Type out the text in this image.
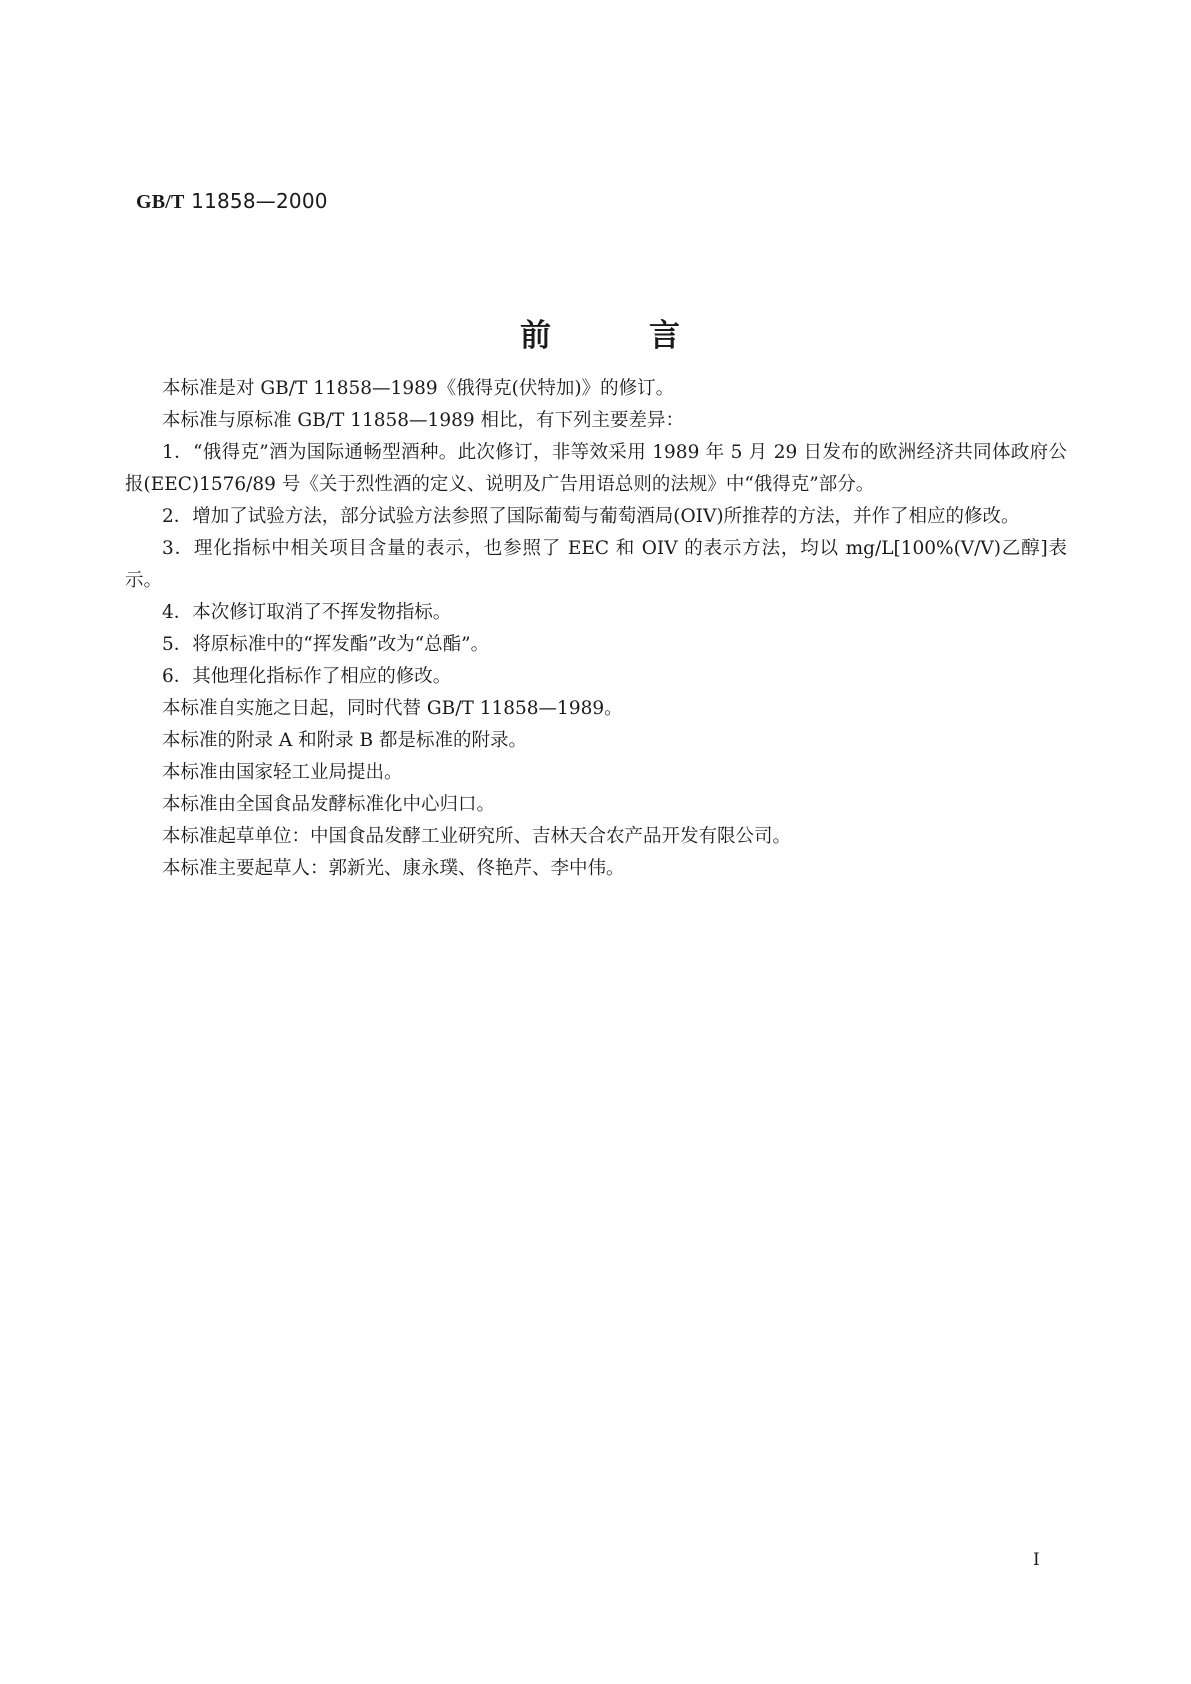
GB/T 11858—2000
前	言

本标准是对 GB/T 11858—1989《俄得克(伏特加)》的修订。

本标准与原标准 GB/T 11858—1989 相比，有下列主要差异：

1．“俄得克”酒为国际通畅型酒种。此次修订，非等效采用 1989 年 5 月 29 日发布的欧洲经济共同体政府公报(EEC)1576/89 号《关于烈性酒的定义、说明及广告用语总则的法规》中“俄得克”部分。

2．增加了试验方法，部分试验方法参照了国际葡萄与葡萄酒局(OIV)所推荐的方法，并作了相应的修改。

3．理化指标中相关项目含量的表示，也参照了 EEC 和 OIV 的表示方法，均以 mg/L[100%(V/V)乙醇]表示。

4．本次修订取消了不挥发物指标。

5．将原标准中的“挥发酯”改为“总酯”。

6．其他理化指标作了相应的修改。

本标准自实施之日起，同时代替 GB/T 11858—1989。

本标准的附录 A 和附录 B 都是标准的附录。

本标准由国家轻工业局提出。

本标准由全国食品发酵标准化中心归口。

本标准起草单位：中国食品发酵工业研究所、吉林天合农产品开发有限公司。

本标准主要起草人：郭新光、康永璞、佟艳芹、李中伟。

I
